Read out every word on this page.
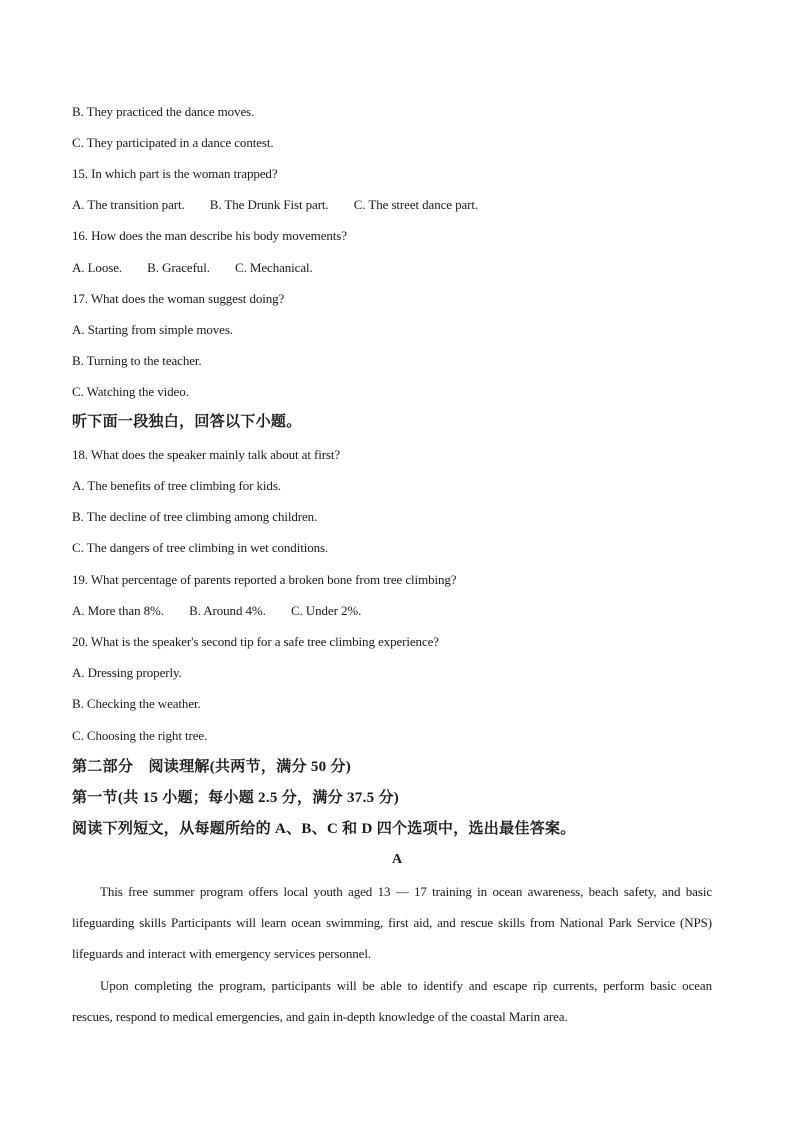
B. They practiced the dance moves.
C. They participated in a dance contest.
15. In which part is the woman trapped?
A. The transition part. B. The Drunk Fist part. C. The street dance part.
16. How does the man describe his body movements?
A. Loose. B. Graceful. C. Mechanical.
17. What does the woman suggest doing?
A. Starting from simple moves.
B. Turning to the teacher.
C. Watching the video.
听下面一段独白，回答以下小题。
18. What does the speaker mainly talk about at first?
A. The benefits of tree climbing for kids.
B. The decline of tree climbing among children.
C. The dangers of tree climbing in wet conditions.
19. What percentage of parents reported a broken bone from tree climbing?
A. More than 8%. B. Around 4%. C. Under 2%.
20. What is the speaker's second tip for a safe tree climbing experience?
A. Dressing properly.
B. Checking the weather.
C. Choosing the right tree.
第二部分　阅读理解(共两节，满分 50 分)
第一节(共 15 小题；每小题 2.5 分，满分 37.5 分)
阅读下列短文，从每题所给的 A、B、C 和 D 四个选项中，选出最佳答案。
A
This free summer program offers local youth aged 13 — 17 training in ocean awareness, beach safety, and basic lifeguarding skills Participants will learn ocean swimming, first aid, and rescue skills from National Park Service (NPS) lifeguards and interact with emergency services personnel.
Upon completing the program, participants will be able to identify and escape rip currents, perform basic ocean rescues, respond to medical emergencies, and gain in-depth knowledge of the coastal Marin area.
